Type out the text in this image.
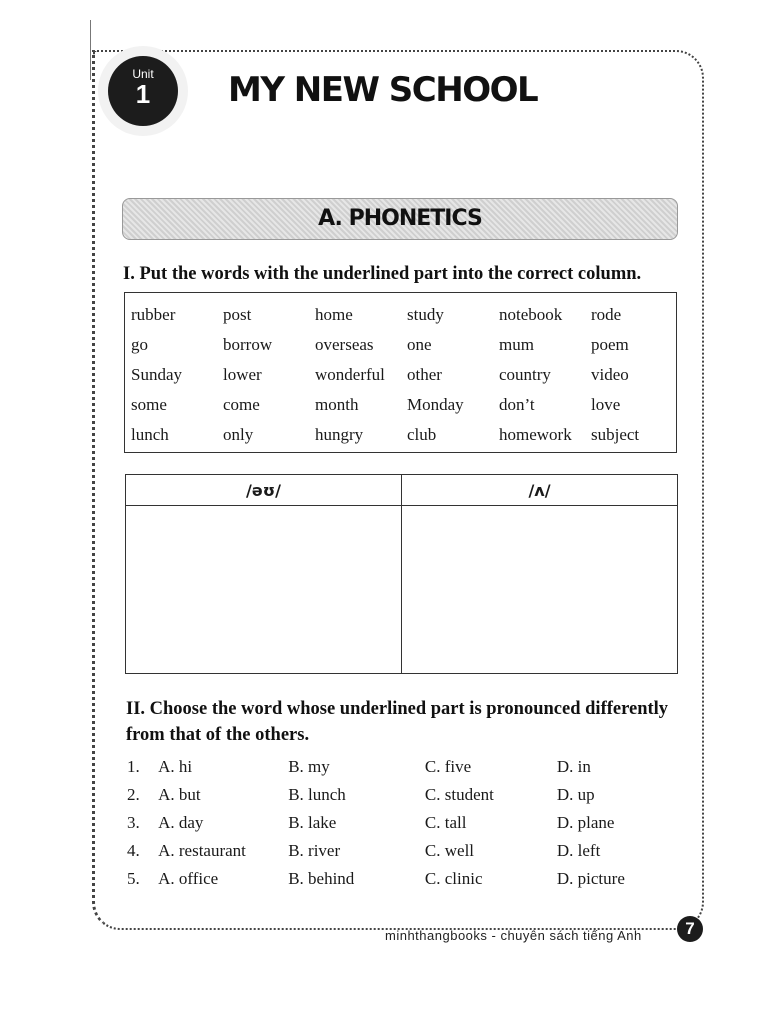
Unit
1	MY NEW SCHOOL
A. PHONETICS

I. Put the words with the underlined part into the correct column.

rubber	post	home	study	notebook	rode
go	borrow	overseas	one	mum	poem
Sunday	lower	wonderful	other	country	video
some	come	month	Monday	don’t	love
lunch	only	hungry	club	homework	subject
/əʊ/	/ʌ/

II. Choose the word whose underlined part is pronounced differently from that of the others.

1.	A. hi	B. my	C. five	D. in
2.	A. but	B. lunch	C. student	D. up
3.	A. day	B. lake	C. tall	D. plane
4.	A. restaurant	B. river	C. well	D. left
5.	A. office	B. behind	C. clinic	D. picture
minhthangbooks - chuyên sách tiếng Anh	7
